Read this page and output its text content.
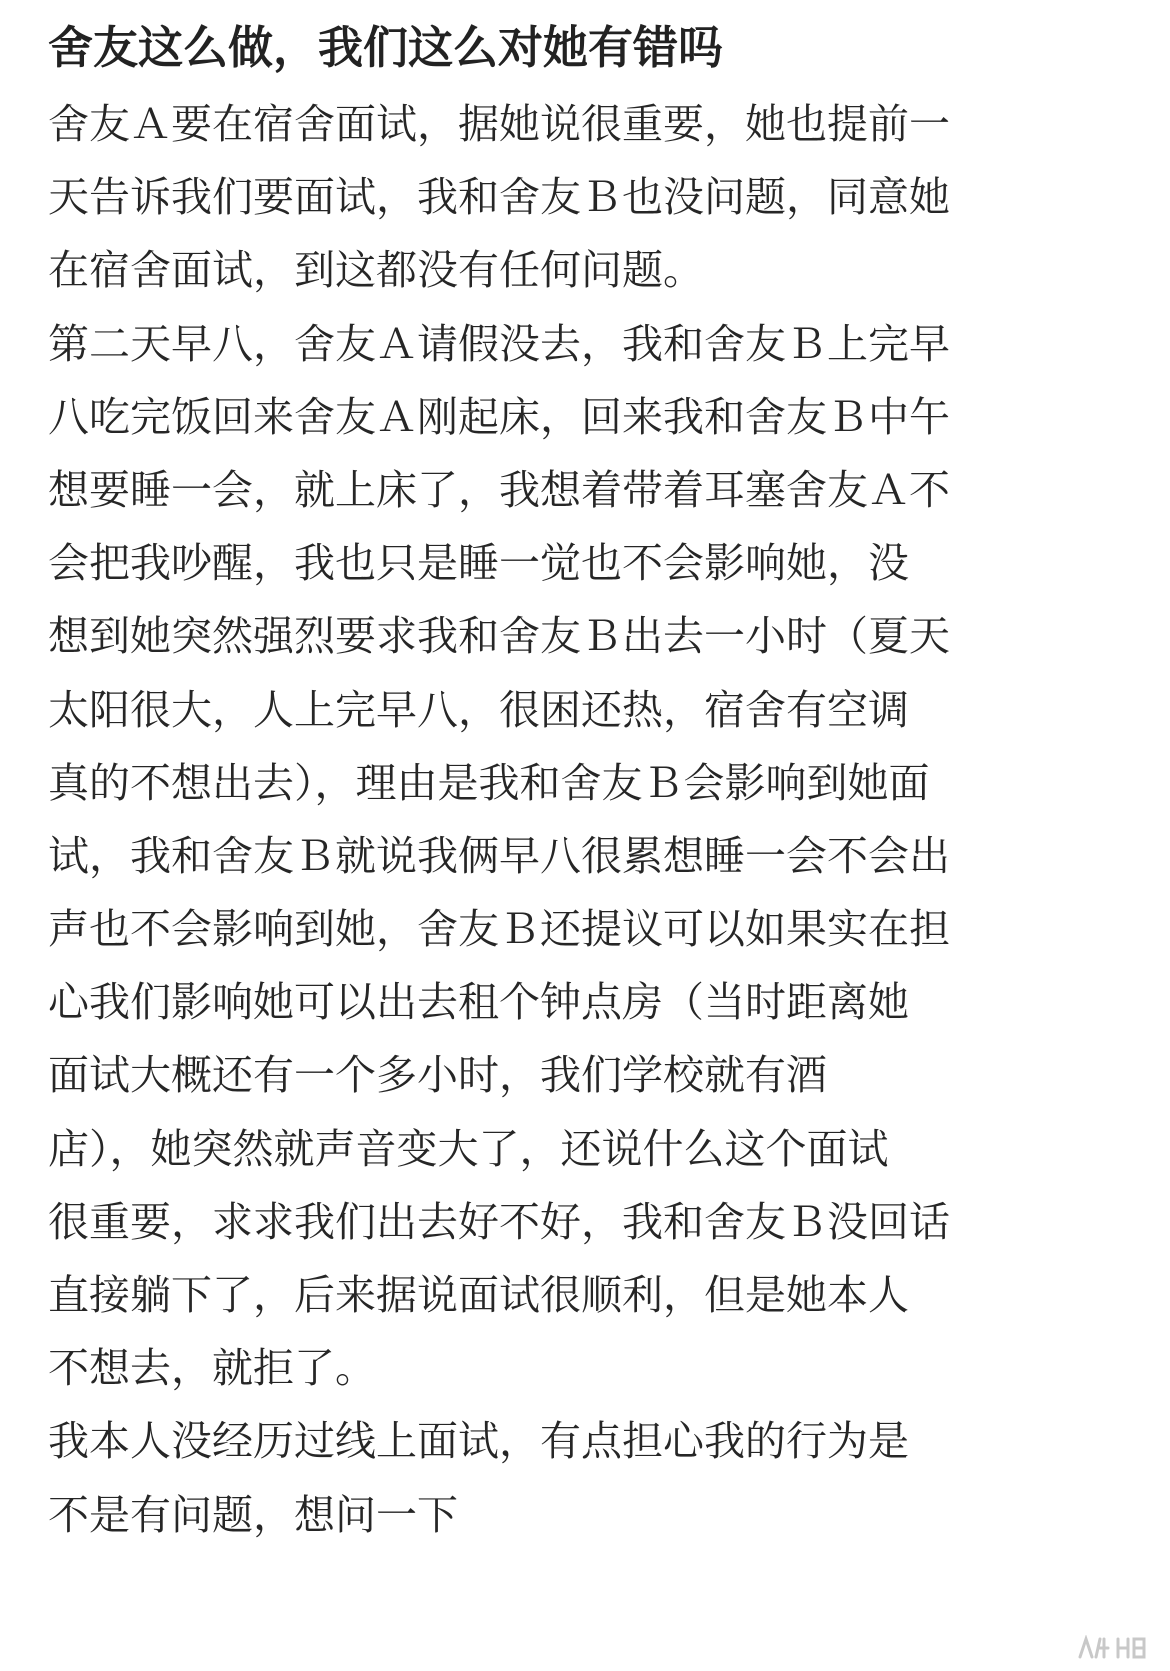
舍友这么做，我们这么对她有错吗
舍友Ａ要在宿舍面试，据她说很重要，她也提前一
天告诉我们要面试，我和舍友Ｂ也没问题，同意她
在宿舍面试，到这都没有任何问题。
第二天早八，舍友Ａ请假没去，我和舍友Ｂ上完早
八吃完饭回来舍友Ａ刚起床，回来我和舍友Ｂ中午
想要睡一会，就上床了，我想着带着耳塞舍友Ａ不
会把我吵醒，我也只是睡一觉也不会影响她，没
想到她突然强烈要求我和舍友Ｂ出去一小时（夏天
太阳很大，人上完早八，很困还热，宿舍有空调
真的不想出去），理由是我和舍友Ｂ会影响到她面
试，我和舍友Ｂ就说我俩早八很累想睡一会不会出
声也不会影响到她，舍友Ｂ还提议可以如果实在担
心我们影响她可以出去租个钟点房（当时距离她
面试大概还有一个多小时，我们学校就有酒
店），她突然就声音变大了，还说什么这个面试
很重要，求求我们出去好不好，我和舍友Ｂ没回话
直接躺下了，后来据说面试很顺利，但是她本人
不想去，就拒了。
我本人没经历过线上面试，有点担心我的行为是
不是有问题，想问一下
